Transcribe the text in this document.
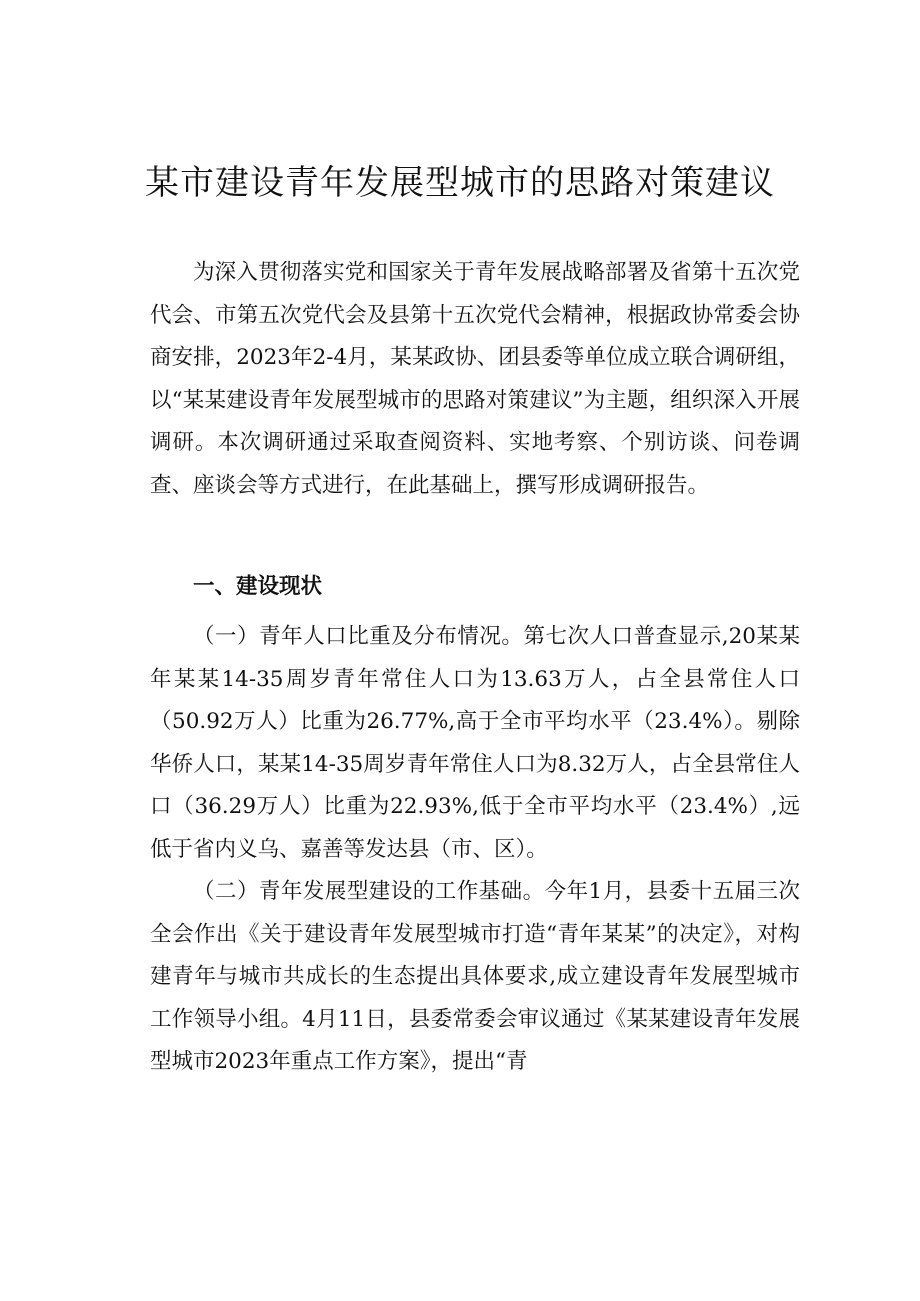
某市建设青年发展型城市的思路对策建议

为深入贯彻落实党和国家关于青年发展战略部署及省第十五次党代会、市第五次党代会及县第十五次党代会精神，根据政协常委会协商安排，2023年2-4月，某某政协、团县委等单位成立联合调研组，以“某某建设青年发展型城市的思路对策建议”为主题，组织深入开展调研。本次调研通过采取查阅资料、实地考察、个别访谈、问卷调查、座谈会等方式进行，在此基础上，撰写形成调研报告。

一、建设现状

（一）青年人口比重及分布情况。第七次人口普查显示,20某某年某某14-35周岁青年常住人口为13.63万人，占全县常住人口（50.92万人）比重为26.77%,高于全市平均水平（23.4%）。剔除华侨人口，某某14-35周岁青年常住人口为8.32万人，占全县常住人口（36.29万人）比重为22.93%,低于全市平均水平（23.4%）,远低于省内义乌、嘉善等发达县（市、区）。

（二）青年发展型建设的工作基础。今年1月，县委十五届三次全会作出《关于建设青年发展型城市打造“青年某某”的决定》，对构建青年与城市共成长的生态提出具体要求,成立建设青年发展型城市工作领导小组。4月11日，县委常委会审议通过《某某建设青年发展型城市2023年重点工作方案》，提出“青
